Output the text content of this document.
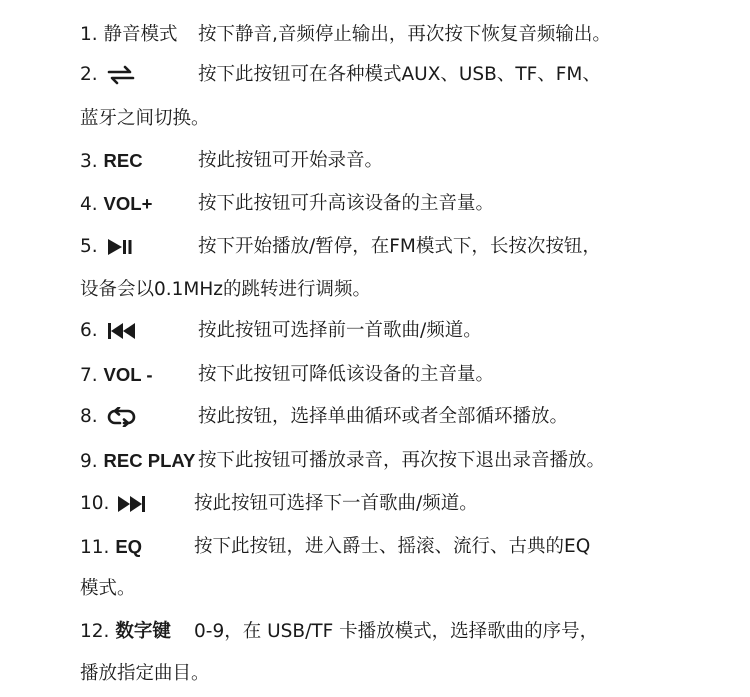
1. 静音模式 按下静音,音频停止输出，再次按下恢复音频输出。
2.	按下此按钮可在各种模式AUX、USB、TF、FM、
蓝牙之间切换。
3. REC	按此按钮可开始录音。
4. VOL+ 按下此按钮可升高该设备的主音量。
5.	按下开始播放/暂停，在FM模式下，长按次按钮，
设备会以0.1MHz的跳转进行调频。
6.	按此按钮可选择前一首歌曲/频道。
7. VOL - 按下此按钮可降低该设备的主音量。
8.	按此按钮，选择单曲循环或者全部循环播放。
9. REC PLAY 按下此按钮可播放录音，再次按下退出录音播放。
10.	按此按钮可选择下一首歌曲/频道。
11. EQ	按下此按钮，进入爵士、摇滚、流行、古典的EQ
模式。
12. 数字键 0-9，在 USB/TF 卡播放模式，选择歌曲的序号，
播放指定曲目。
